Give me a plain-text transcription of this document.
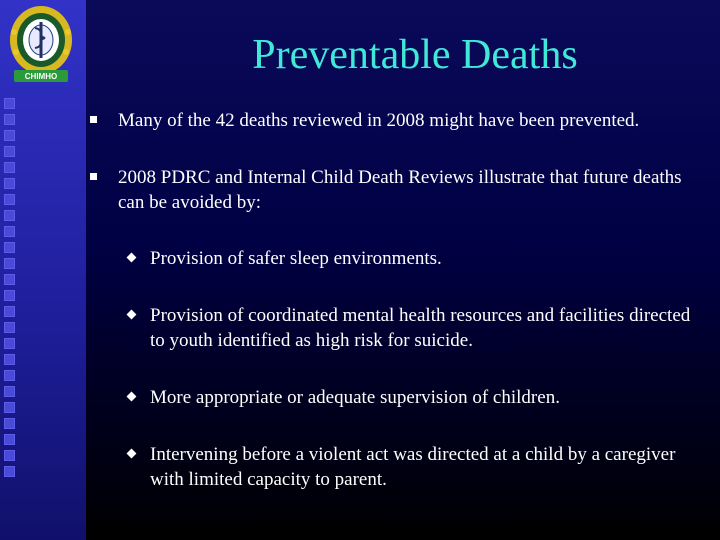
CHIMHO	Preventable Deaths
Many of the 42 deaths reviewed in 2008 might have been prevented.
2008 PDRC and Internal Child Death Reviews illustrate that future deaths can be avoided by:
Provision of safer sleep environments.
Provision of coordinated mental health resources and facilities directed to youth identified as high risk for suicide.
More appropriate or adequate supervision of children.
Intervening before a violent act was directed at a child by a caregiver with limited capacity to parent.
